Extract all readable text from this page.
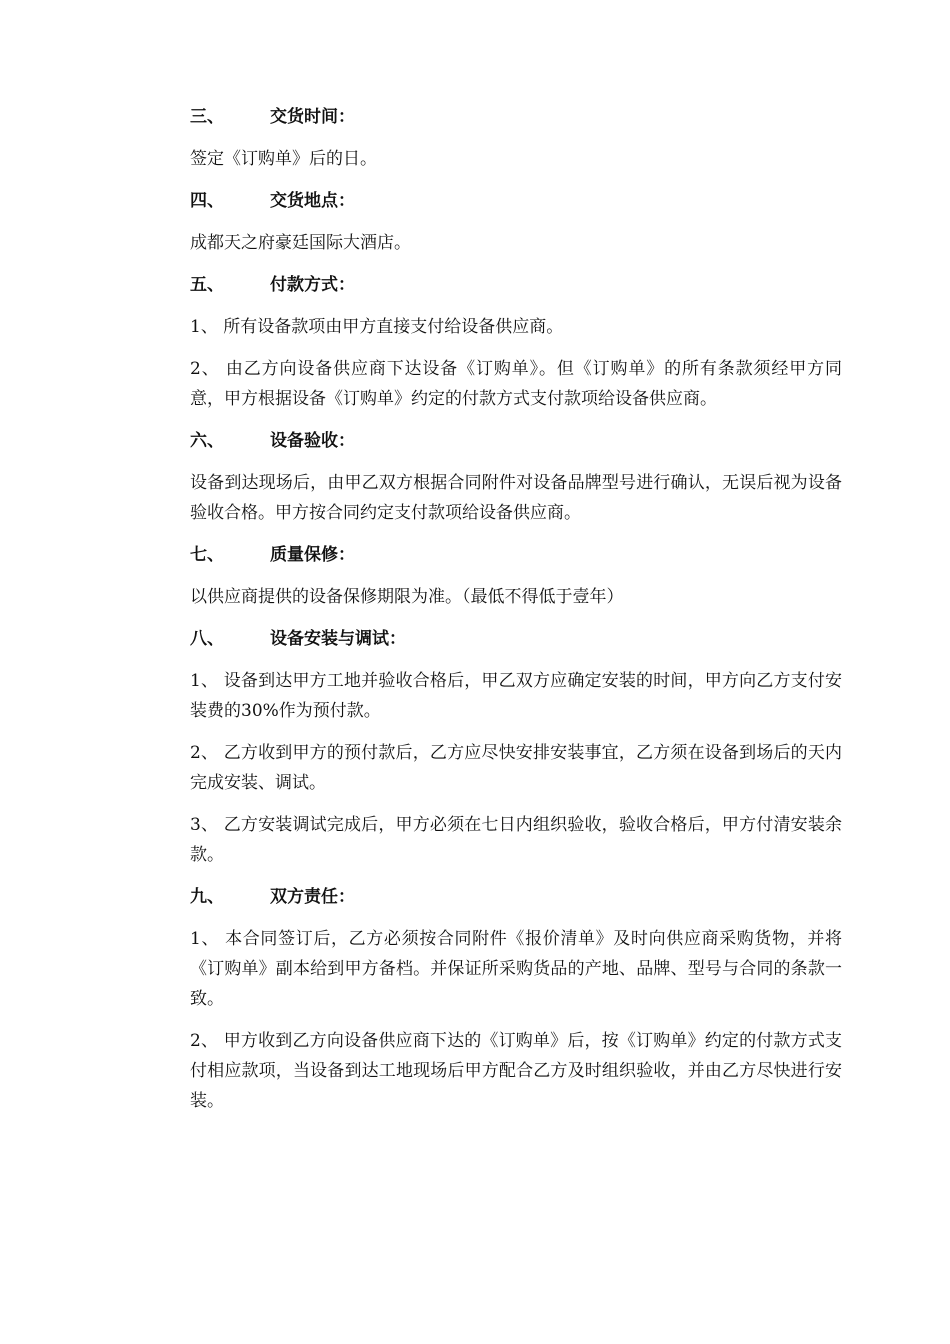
三、	交货时间：
签定《订购单》后的日。
四、	交货地点：
成都天之府豪廷国际大酒店。
五、	付款方式：
1、 所有设备款项由甲方直接支付给设备供应商。
2、 由乙方向设备供应商下达设备《订购单》。但《订购单》的所有条款须经甲方同意，甲方根据设备《订购单》约定的付款方式支付款项给设备供应商。
六、	设备验收：
设备到达现场后，由甲乙双方根据合同附件对设备品牌型号进行确认，无误后视为设备验收合格。甲方按合同约定支付款项给设备供应商。
七、	质量保修：
以供应商提供的设备保修期限为准。（最低不得低于壹年）
八、	设备安装与调试：
1、 设备到达甲方工地并验收合格后，甲乙双方应确定安装的时间，甲方向乙方支付安装费的30%作为预付款。
2、 乙方收到甲方的预付款后，乙方应尽快安排安装事宜，乙方须在设备到场后的天内完成安装、调试。
3、 乙方安装调试完成后，甲方必须在七日内组织验收，验收合格后，甲方付清安装余款。
九、	双方责任：
1、 本合同签订后，乙方必须按合同附件《报价清单》及时向供应商采购货物，并将《订购单》副本给到甲方备档。并保证所采购货品的产地、品牌、型号与合同的条款一致。
2、 甲方收到乙方向设备供应商下达的《订购单》后，按《订购单》约定的付款方式支付相应款项，当设备到达工地现场后甲方配合乙方及时组织验收，并由乙方尽快进行安装。
